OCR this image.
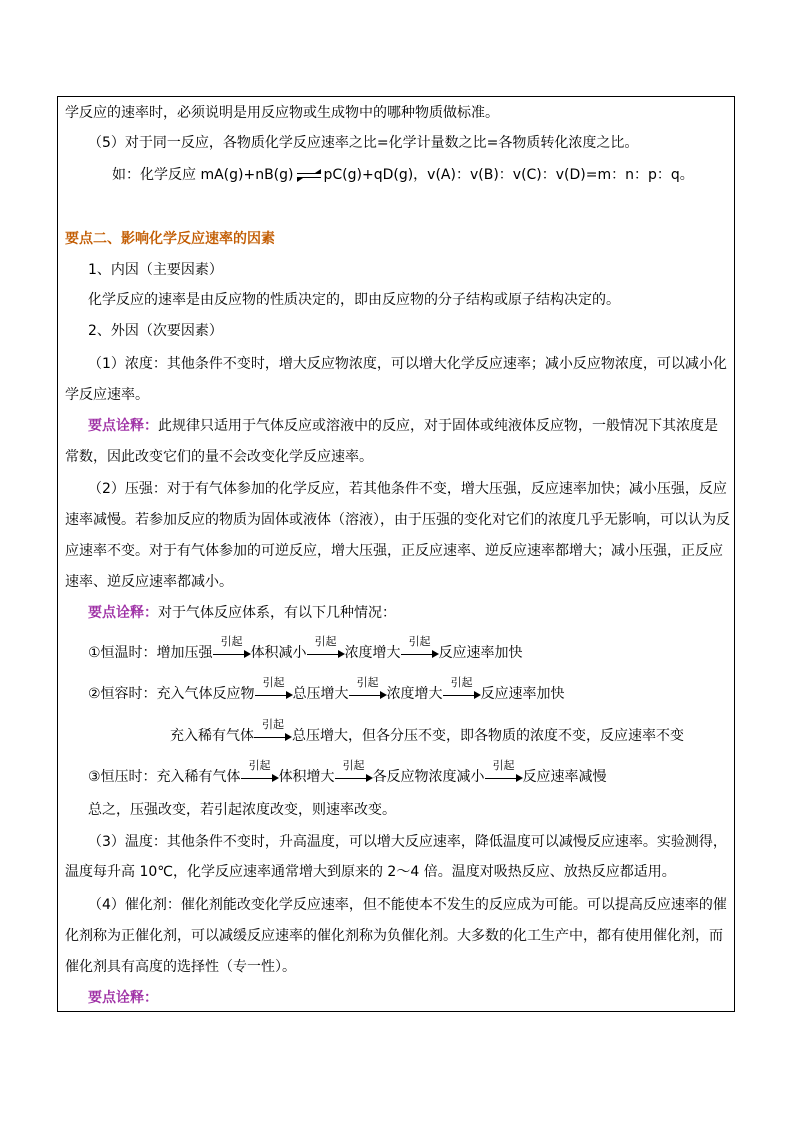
学反应的速率时，必须说明是用反应物或生成物中的哪种物质做标准。
（5）对于同一反应，各物质化学反应速率之比=化学计量数之比=各物质转化浓度之比。
如：化学反应 mA(g)+nB(g) pC(g)+qD(g)，v(A)：v(B)：v(C)：v(D)=m：n：p：q。
要点二、影响化学反应速率的因素
1、内因（主要因素）
化学反应的速率是由反应物的性质决定的，即由反应物的分子结构或原子结构决定的。
2、外因（次要因素）
（1）浓度：其他条件不变时，增大反应物浓度，可以增大化学反应速率；减小反应物浓度，可以减小化
学反应速率。
要点诠释：此规律只适用于气体反应或溶液中的反应，对于固体或纯液体反应物，一般情况下其浓度是
常数，因此改变它们的量不会改变化学反应速率。
（2）压强：对于有气体参加的化学反应，若其他条件不变，增大压强，反应速率加快；减小压强，反应
速率减慢。若参加反应的物质为固体或液体（溶液），由于压强的变化对它们的浓度几乎无影响，可以认为反
应速率不变。对于有气体参加的可逆反应，增大压强，正反应速率、逆反应速率都增大；减小压强，正反应
速率、逆反应速率都减小。
要点诠释：对于气体反应体系，有以下几种情况：
①恒温时：增加压强
引起
体积减小
引起
浓度增大
引起
反应速率加快
②恒容时：充入气体反应物
引起
总压增大
引起
浓度增大
引起
反应速率加快
充入稀有气体
引起
总压增大，但各分压不变，即各物质的浓度不变，反应速率不变
③恒压时：充入稀有气体
引起
体积增大
引起
各反应物浓度减小
引起
反应速率减慢
总之，压强改变，若引起浓度改变，则速率改变。
（3）温度：其他条件不变时，升高温度，可以增大反应速率，降低温度可以减慢反应速率。实验测得，
温度每升高 10℃，化学反应速率通常增大到原来的 2～4 倍。温度对吸热反应、放热反应都适用。
（4）催化剂：催化剂能改变化学反应速率，但不能使本不发生的反应成为可能。可以提高反应速率的催
化剂称为正催化剂，可以减缓反应速率的催化剂称为负催化剂。大多数的化工生产中，都有使用催化剂，而
催化剂具有高度的选择性（专一性）。
要点诠释：
